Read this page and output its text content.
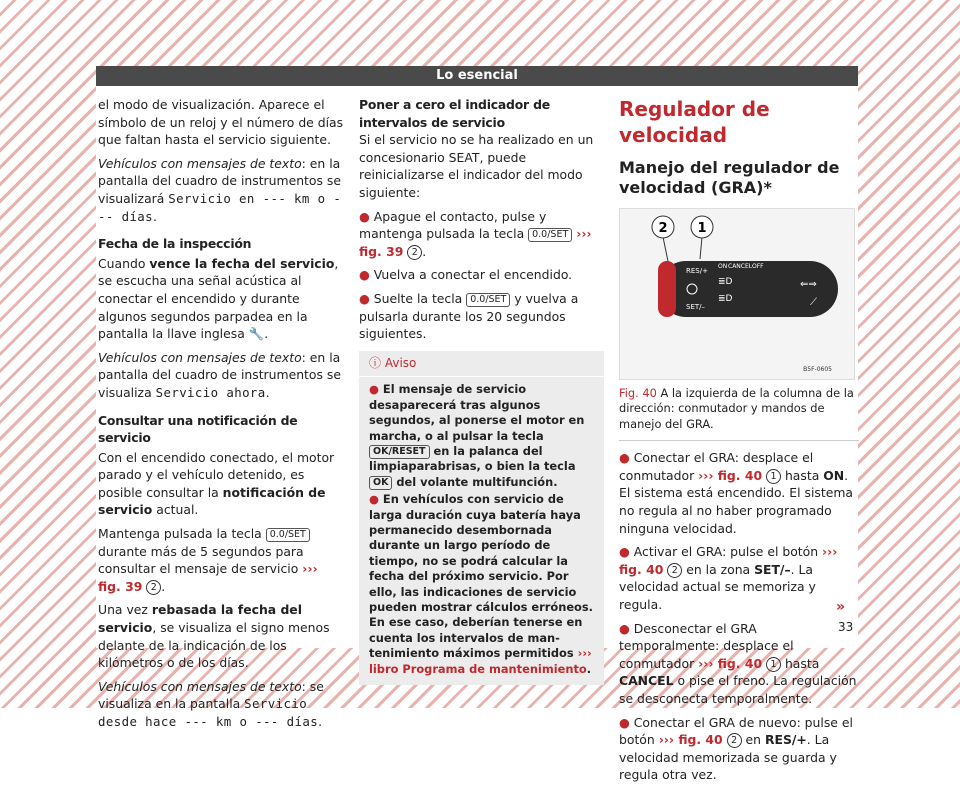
Lo esencial

el modo de visualización. Aparece el símbolo de un reloj y el número de días que faltan hasta el servicio siguiente.

Vehículos con mensajes de texto: en la pantalla del cuadro de instrumentos se visualizará Servicio en --- km o --- días.

Fecha de la inspección

Cuando vence la fecha del servicio, se escucha una señal acústica al conectar el encendido y durante algunos segundos parpadea en la pantalla la llave inglesa 🔧.

Vehículos con mensajes de texto: en la pantalla del cuadro de instrumentos se visualiza Servicio ahora.

Consultar una notificación de servicio

Con el encendido conectado, el motor parado y el vehículo detenido, es posible consultar la notificación de servicio actual.

Mantenga pulsada la tecla 0.0/SET durante más de 5 segundos para consultar el mensaje de servicio ››› fig. 39 2 .

Una vez rebasada la fecha del servicio, se visualiza el signo menos delante de la indicación de los kilómetros o de los días.

Vehículos con mensajes de texto: se visualiza en la pantalla Servicio desde hace --- km o --- días.

Poner a cero el indicador de intervalos de servicio

Si el servicio no se ha realizado en un concesionario SEAT, puede reinicializarse el indicador del modo siguiente:

● Apague el contacto, pulse y mantenga pulsada la tecla 0.0/SET ››› fig. 39 2 .

● Vuelva a conectar el encendido.

● Suelte la tecla 0.0/SET y vuelva a pulsarla durante los 20 segundos siguientes.

ⓘ Aviso

● El mensaje de servicio desaparecerá tras algunos segundos, al ponerse el motor en marcha, o al pulsar la tecla OK/RESET en la palanca del limpiaparabrisas, o bien la tecla OK del volante multifunción.

● En vehículos con servicio de larga duración cuya batería haya permanecido desembornada durante un largo período de tiempo, no se podrá calcular la fecha del próximo servicio. Por ello, las indicaciones de servicio pueden mostrar cálculos erróneos. En ese caso, deberían tenerse en cuenta los intervalos de mantenimiento máximos permitidos ››› libro Programa de mantenimiento.

Regulador de velocidad
Manejo del regulador de velocidad (GRA)*
2 1
RES/+
ON CANCEL OFF
SET/–
≣D
≣D
⇐⇒
⟋
B5F-0605

Fig. 40 A la izquierda de la columna de la dirección: conmutador y mandos de manejo del GRA.

● Conectar el GRA: desplace el conmutador ››› fig. 40 1 hasta ON. El sistema está encendido. El sistema no regula al no haber programado ninguna velocidad.

● Activar el GRA: pulse el botón ››› fig. 40 2 en la zona SET/–. La velocidad actual se memoriza y regula.

● Desconectar el GRA temporalmente: desplace el conmutador ››› fig. 40 1 hasta CANCEL o pise el freno. La regulación se desconecta temporalmente.

● Conectar el GRA de nuevo: pulse el botón ››› fig. 40 2 en RES/+. La velocidad memorizada se guarda y regula otra vez.

»
33
